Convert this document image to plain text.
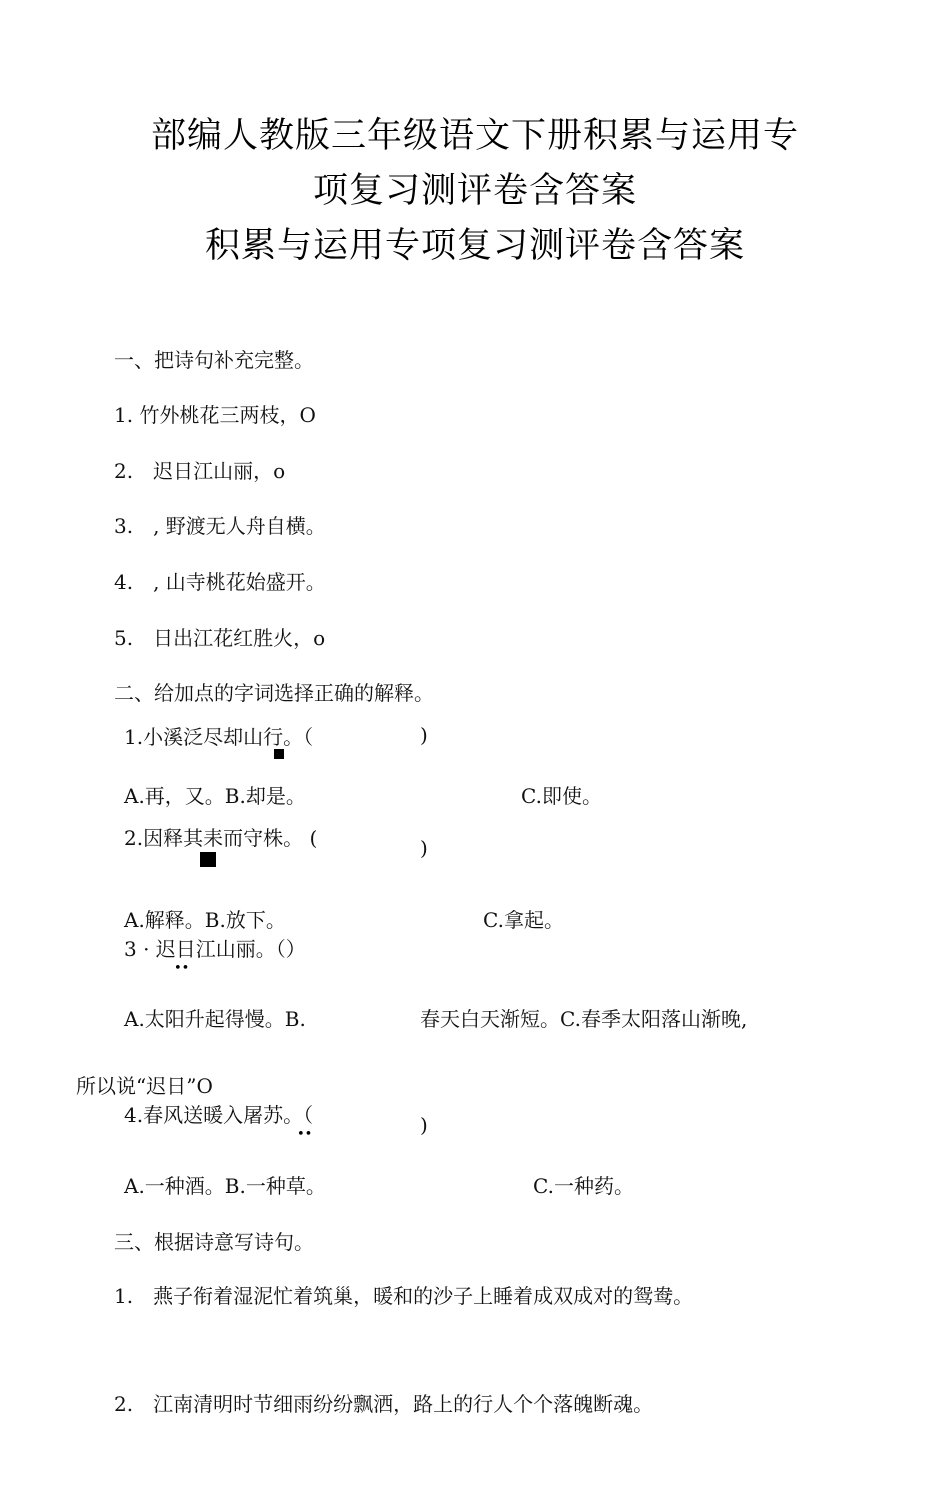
部编人教版三年级语文下册积累与运用专
项复习测评卷含答案
积累与运用专项复习测评卷含答案
一、把诗句补充完整。
1. 竹外桃花三两枝，O
2.　迟日江山丽，o
3.　, 野渡无人舟自横。
4.　, 山寺桃花始盛开。
5.　日出江花红胜火，o
二、给加点的字词选择正确的解释。
1.小溪泛尽却山行。（	)
A.再，又。B.却是。	C.即使。
2.因释其耒而守株。 (	)
A.解释。B.放下。	C.拿起。
3 · 迟日江山丽。（）
••
A.太阳升起得慢。B.	春天白天渐短。C.春季太阳落山渐晚,
所以说“迟日”O
4.春风送暖入屠苏。（	)
••
A.一种酒。B.一种草。	C.一种药。
三、根据诗意写诗句。
1.　燕子衔着湿泥忙着筑巢，暖和的沙子上睡着成双成对的鸳鸯。
2.　江南清明时节细雨纷纷飘洒，路上的行人个个落魄断魂。
